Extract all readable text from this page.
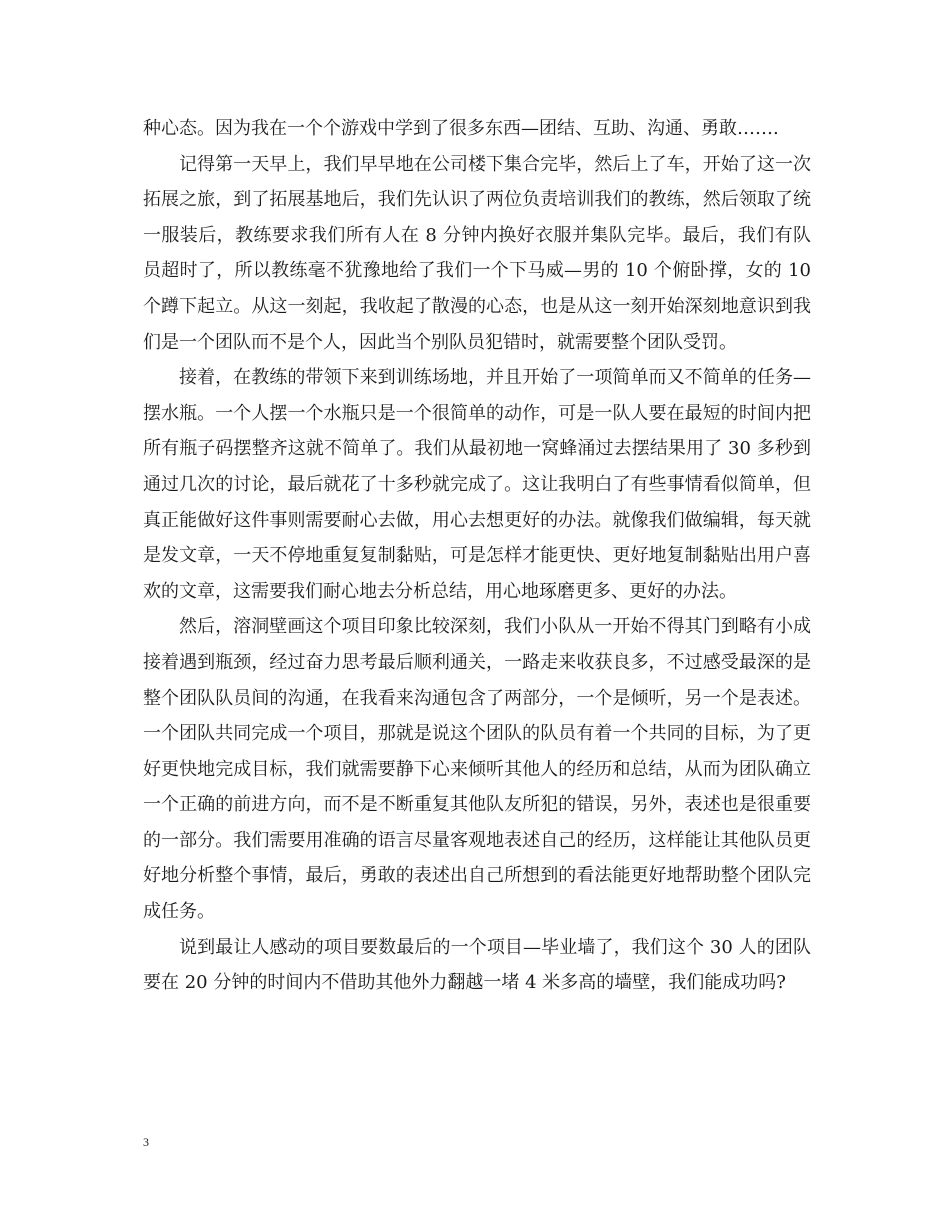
种心态。因为我在一个个游戏中学到了很多东西—团结、互助、沟通、勇敢…….

记得第一天早上，我们早早地在公司楼下集合完毕，然后上了车，开始了这一次拓展之旅，到了拓展基地后，我们先认识了两位负责培训我们的教练，然后领取了统一服装后，教练要求我们所有人在 8 分钟内换好衣服并集队完毕。最后，我们有队员超时了，所以教练毫不犹豫地给了我们一个下马威—男的 10 个俯卧撑，女的 10 个蹲下起立。从这一刻起，我收起了散漫的心态，也是从这一刻开始深刻地意识到我们是一个团队而不是个人，因此当个别队员犯错时，就需要整个团队受罚。

接着，在教练的带领下来到训练场地，并且开始了一项简单而又不简单的任务—摆水瓶。一个人摆一个水瓶只是一个很简单的动作，可是一队人要在最短的时间内把所有瓶子码摆整齐这就不简单了。我们从最初地一窝蜂涌过去摆结果用了 30 多秒到通过几次的讨论，最后就花了十多秒就完成了。这让我明白了有些事情看似简单，但真正能做好这件事则需要耐心去做，用心去想更好的办法。就像我们做编辑，每天就是发文章，一天不停地重复复制黏贴，可是怎样才能更快、更好地复制黏贴出用户喜欢的文章，这需要我们耐心地去分析总结，用心地琢磨更多、更好的办法。

然后，溶洞壁画这个项目印象比较深刻，我们小队从一开始不得其门到略有小成接着遇到瓶颈，经过奋力思考最后顺利通关，一路走来收获良多，不过感受最深的是整个团队队员间的沟通，在我看来沟通包含了两部分，一个是倾听，另一个是表述。一个团队共同完成一个项目，那就是说这个团队的队员有着一个共同的目标，为了更好更快地完成目标，我们就需要静下心来倾听其他人的经历和总结，从而为团队确立一个正确的前进方向，而不是不断重复其他队友所犯的错误，另外，表述也是很重要的一部分。我们需要用准确的语言尽量客观地表述自己的经历，这样能让其他队员更好地分析整个事情，最后，勇敢的表述出自己所想到的看法能更好地帮助整个团队完成任务。

说到最让人感动的项目要数最后的一个项目—毕业墙了，我们这个 30 人的团队要在 20 分钟的时间内不借助其他外力翻越一堵 4 米多高的墙壁，我们能成功吗?

3
